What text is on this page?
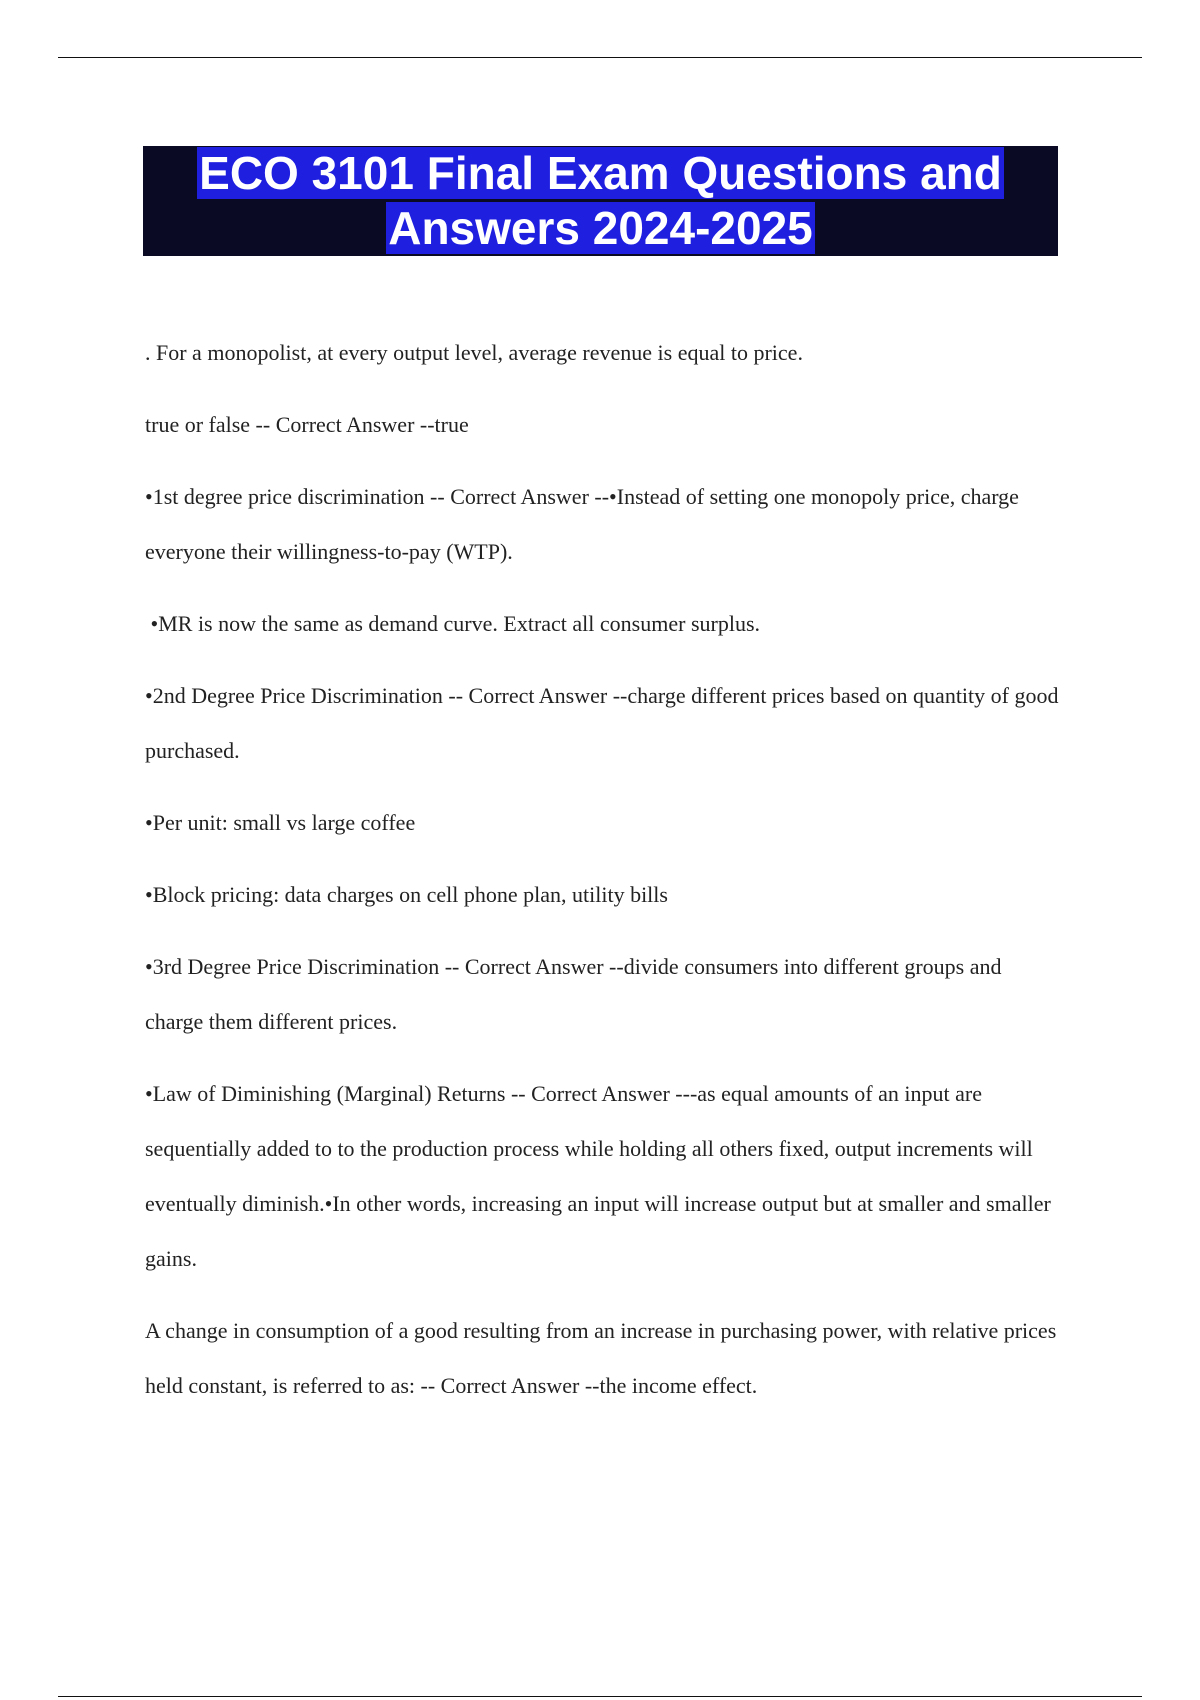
ECO 3101 Final Exam Questions and
Answers 2024-2025

. For a monopolist, at every output level, average revenue is equal to price.

true or false -- Correct Answer --true

•1st degree price discrimination -- Correct Answer --•Instead of setting one monopoly price, charge everyone their willingness-to-pay (WTP).

•MR is now the same as demand curve. Extract all consumer surplus.

•2nd Degree Price Discrimination -- Correct Answer --charge different prices based on quantity of good purchased.

•Per unit: small vs large coffee

•Block pricing: data charges on cell phone plan, utility bills

•3rd Degree Price Discrimination -- Correct Answer --divide consumers into different groups and charge them different prices.

•Law of Diminishing (Marginal) Returns -- Correct Answer ---as equal amounts of an input are sequentially added to to the production process while holding all others fixed, output increments will eventually diminish.•In other words, increasing an input will increase output but at smaller and smaller gains.

A change in consumption of a good resulting from an increase in purchasing power, with relative prices held constant, is referred to as: -- Correct Answer --the income effect.
